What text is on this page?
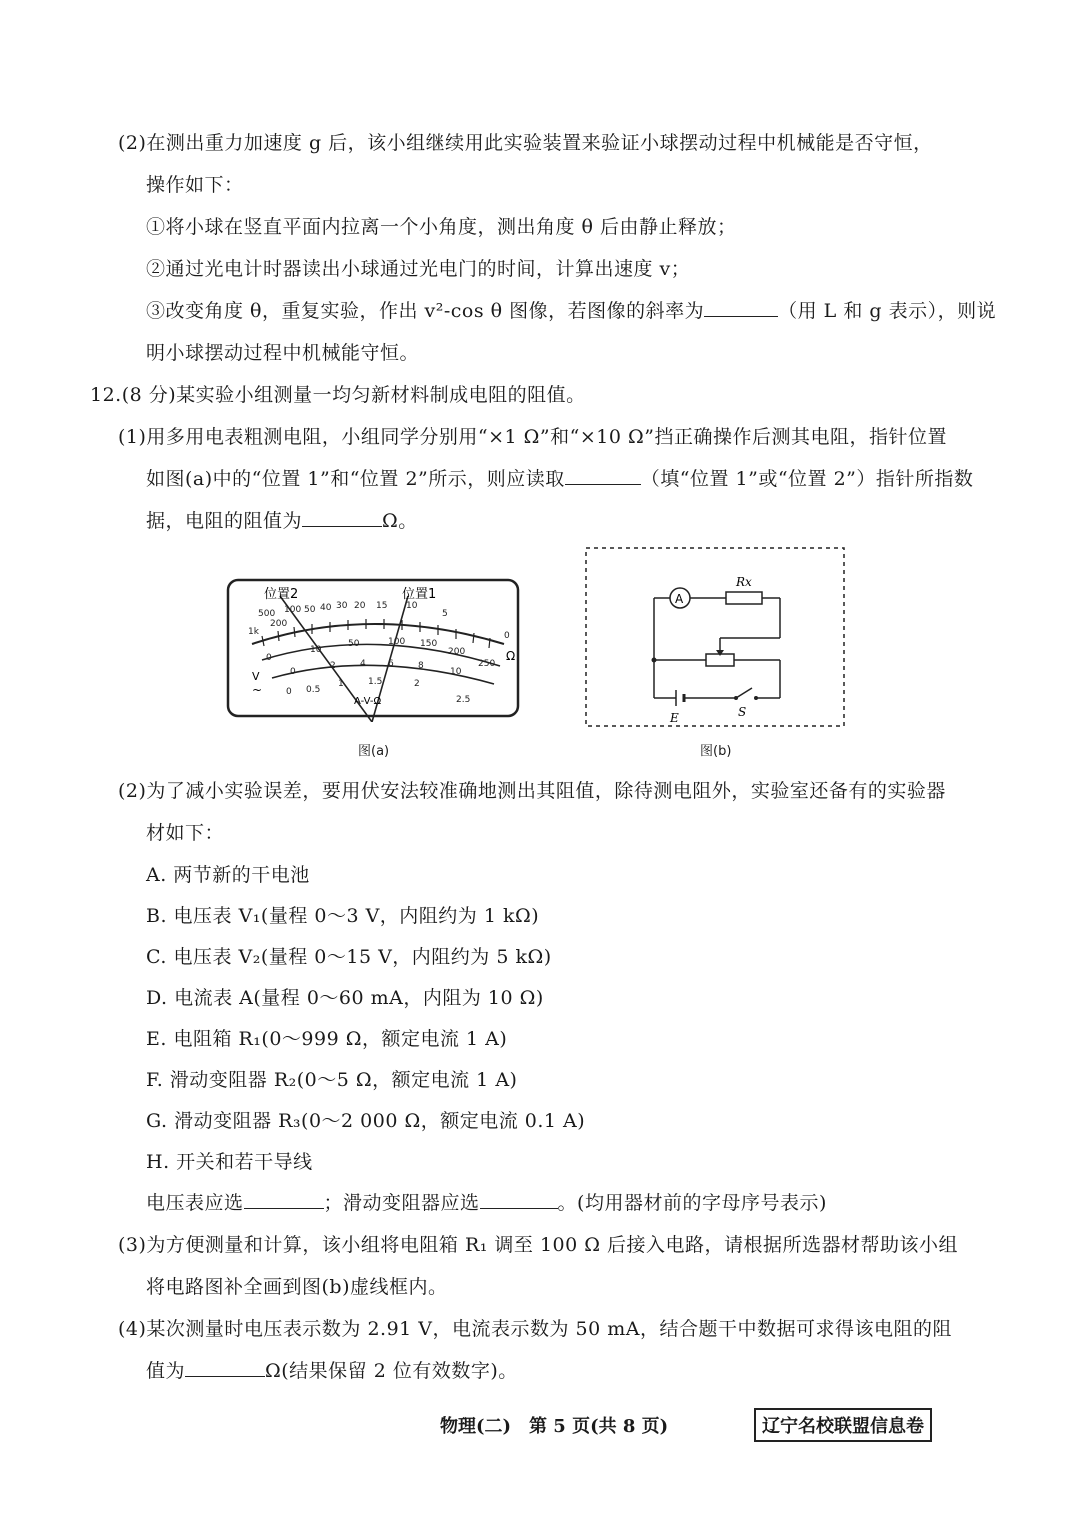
(2)在测出重力加速度 g 后，该小组继续用此实验装置来验证小球摆动过程中机械能是否守恒，
操作如下：
①将小球在竖直平面内拉离一个小角度，测出角度 θ 后由静止释放；
②通过光电计时器读出小球通过光电门的时间，计算出速度 v；
③改变角度 θ，重复实验，作出 v²-cos θ 图像，若图像的斜率为	（用 L 和 g 表示），则说
明小球摆动过程中机械能守恒。
12.(8 分)某实验小组测量一均匀新材料制成电阻的阻值。
(1)用多用电表粗测电阻，小组同学分别用“×1 Ω”和“×10 Ω”挡正确操作后测其电阻，指针位置
如图(a)中的“位置 1”和“位置 2”所示，则应读取	（填“位置 1”或“位置 2”）指针所指数
据，电阻的阻值为	Ω。
位置2	位置1
1k
500
200
100 50 40 30 20 15 10
5
0
Ω
0
10
50	100 150
200
250
0
2	4 6	8
10
0 0.5
1	1.5	2
2.5
V
~
A-V-Ω
图(a)
A
Rx
E	S
图(b)
(2)为了减小实验误差，要用伏安法较准确地测出其阻值，除待测电阻外，实验室还备有的实验器
材如下：
A. 两节新的干电池
B. 电压表 V₁(量程 0～3 V，内阻约为 1 kΩ)
C. 电压表 V₂(量程 0～15 V，内阻约为 5 kΩ)
D. 电流表 A(量程 0～60 mA，内阻为 10 Ω)
E. 电阻箱 R₁(0～999 Ω，额定电流 1 A)
F. 滑动变阻器 R₂(0～5 Ω，额定电流 1 A)
G. 滑动变阻器 R₃(0～2 000 Ω，额定电流 0.1 A)
H. 开关和若干导线
电压表应选	；滑动变阻器应选	。(均用器材前的字母序号表示)
(3)为方便测量和计算，该小组将电阻箱 R₁ 调至 100 Ω 后接入电路，请根据所选器材帮助该小组
将电路图补全画到图(b)虚线框内。
(4)某次测量时电压表示数为 2.91 V，电流表示数为 50 mA，结合题干中数据可求得该电阻的阻
值为	Ω(结果保留 2 位有效数字)。
物理(二)　第 5 页(共 8 页)	辽宁名校联盟信息卷
